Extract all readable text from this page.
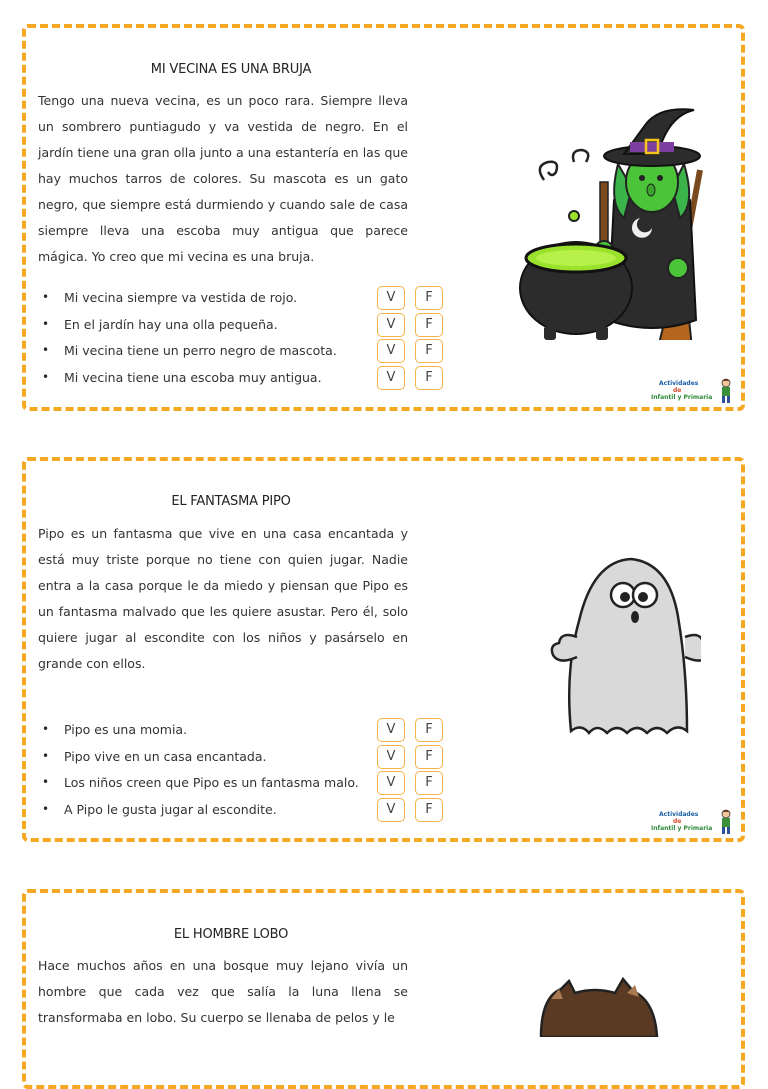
MI VECINA ES UNA BRUJA
Tengo una nueva vecina, es un poco rara. Siempre lleva un sombrero puntiagudo y va vestida de negro. En el jardín tiene una gran olla junto a una estantería en las que hay muchos tarros de colores. Su mascota es un gato negro, que siempre está durmiendo y cuando sale de casa siempre lleva una escoba muy antigua que parece mágica. Yo creo que mi vecina es una bruja.
• Mi vecina siempre va vestida de rojo.	V	F
• En el jardín hay una olla pequeña.	V	F
• Mi vecina tiene un perro negro de mascota.	V	F
• Mi vecina tiene una escoba muy antigua.	V	F	Actividades
de
Infantil y Primaria
EL FANTASMA PIPO
Pipo es un fantasma que vive en una casa encantada y está muy triste porque no tiene con quien jugar. Nadie entra a la casa porque le da miedo y piensan que Pipo es un fantasma malvado que les quiere asustar. Pero él, solo quiere jugar al escondite con los niños y pasárselo en grande con ellos.
• Pipo es una momia.	V	F
• Pipo vive en un casa encantada.	V	F
• Los niños creen que Pipo es un fantasma malo.	V	F
• A Pipo le gusta jugar al escondite.	V	F	Actividades
de
Infantil y Primaria
EL HOMBRE LOBO
Hace muchos años en una bosque muy lejano vivía un hombre que cada vez que salía la luna llena se transformaba en lobo. Su cuerpo se llenaba de pelos y le
